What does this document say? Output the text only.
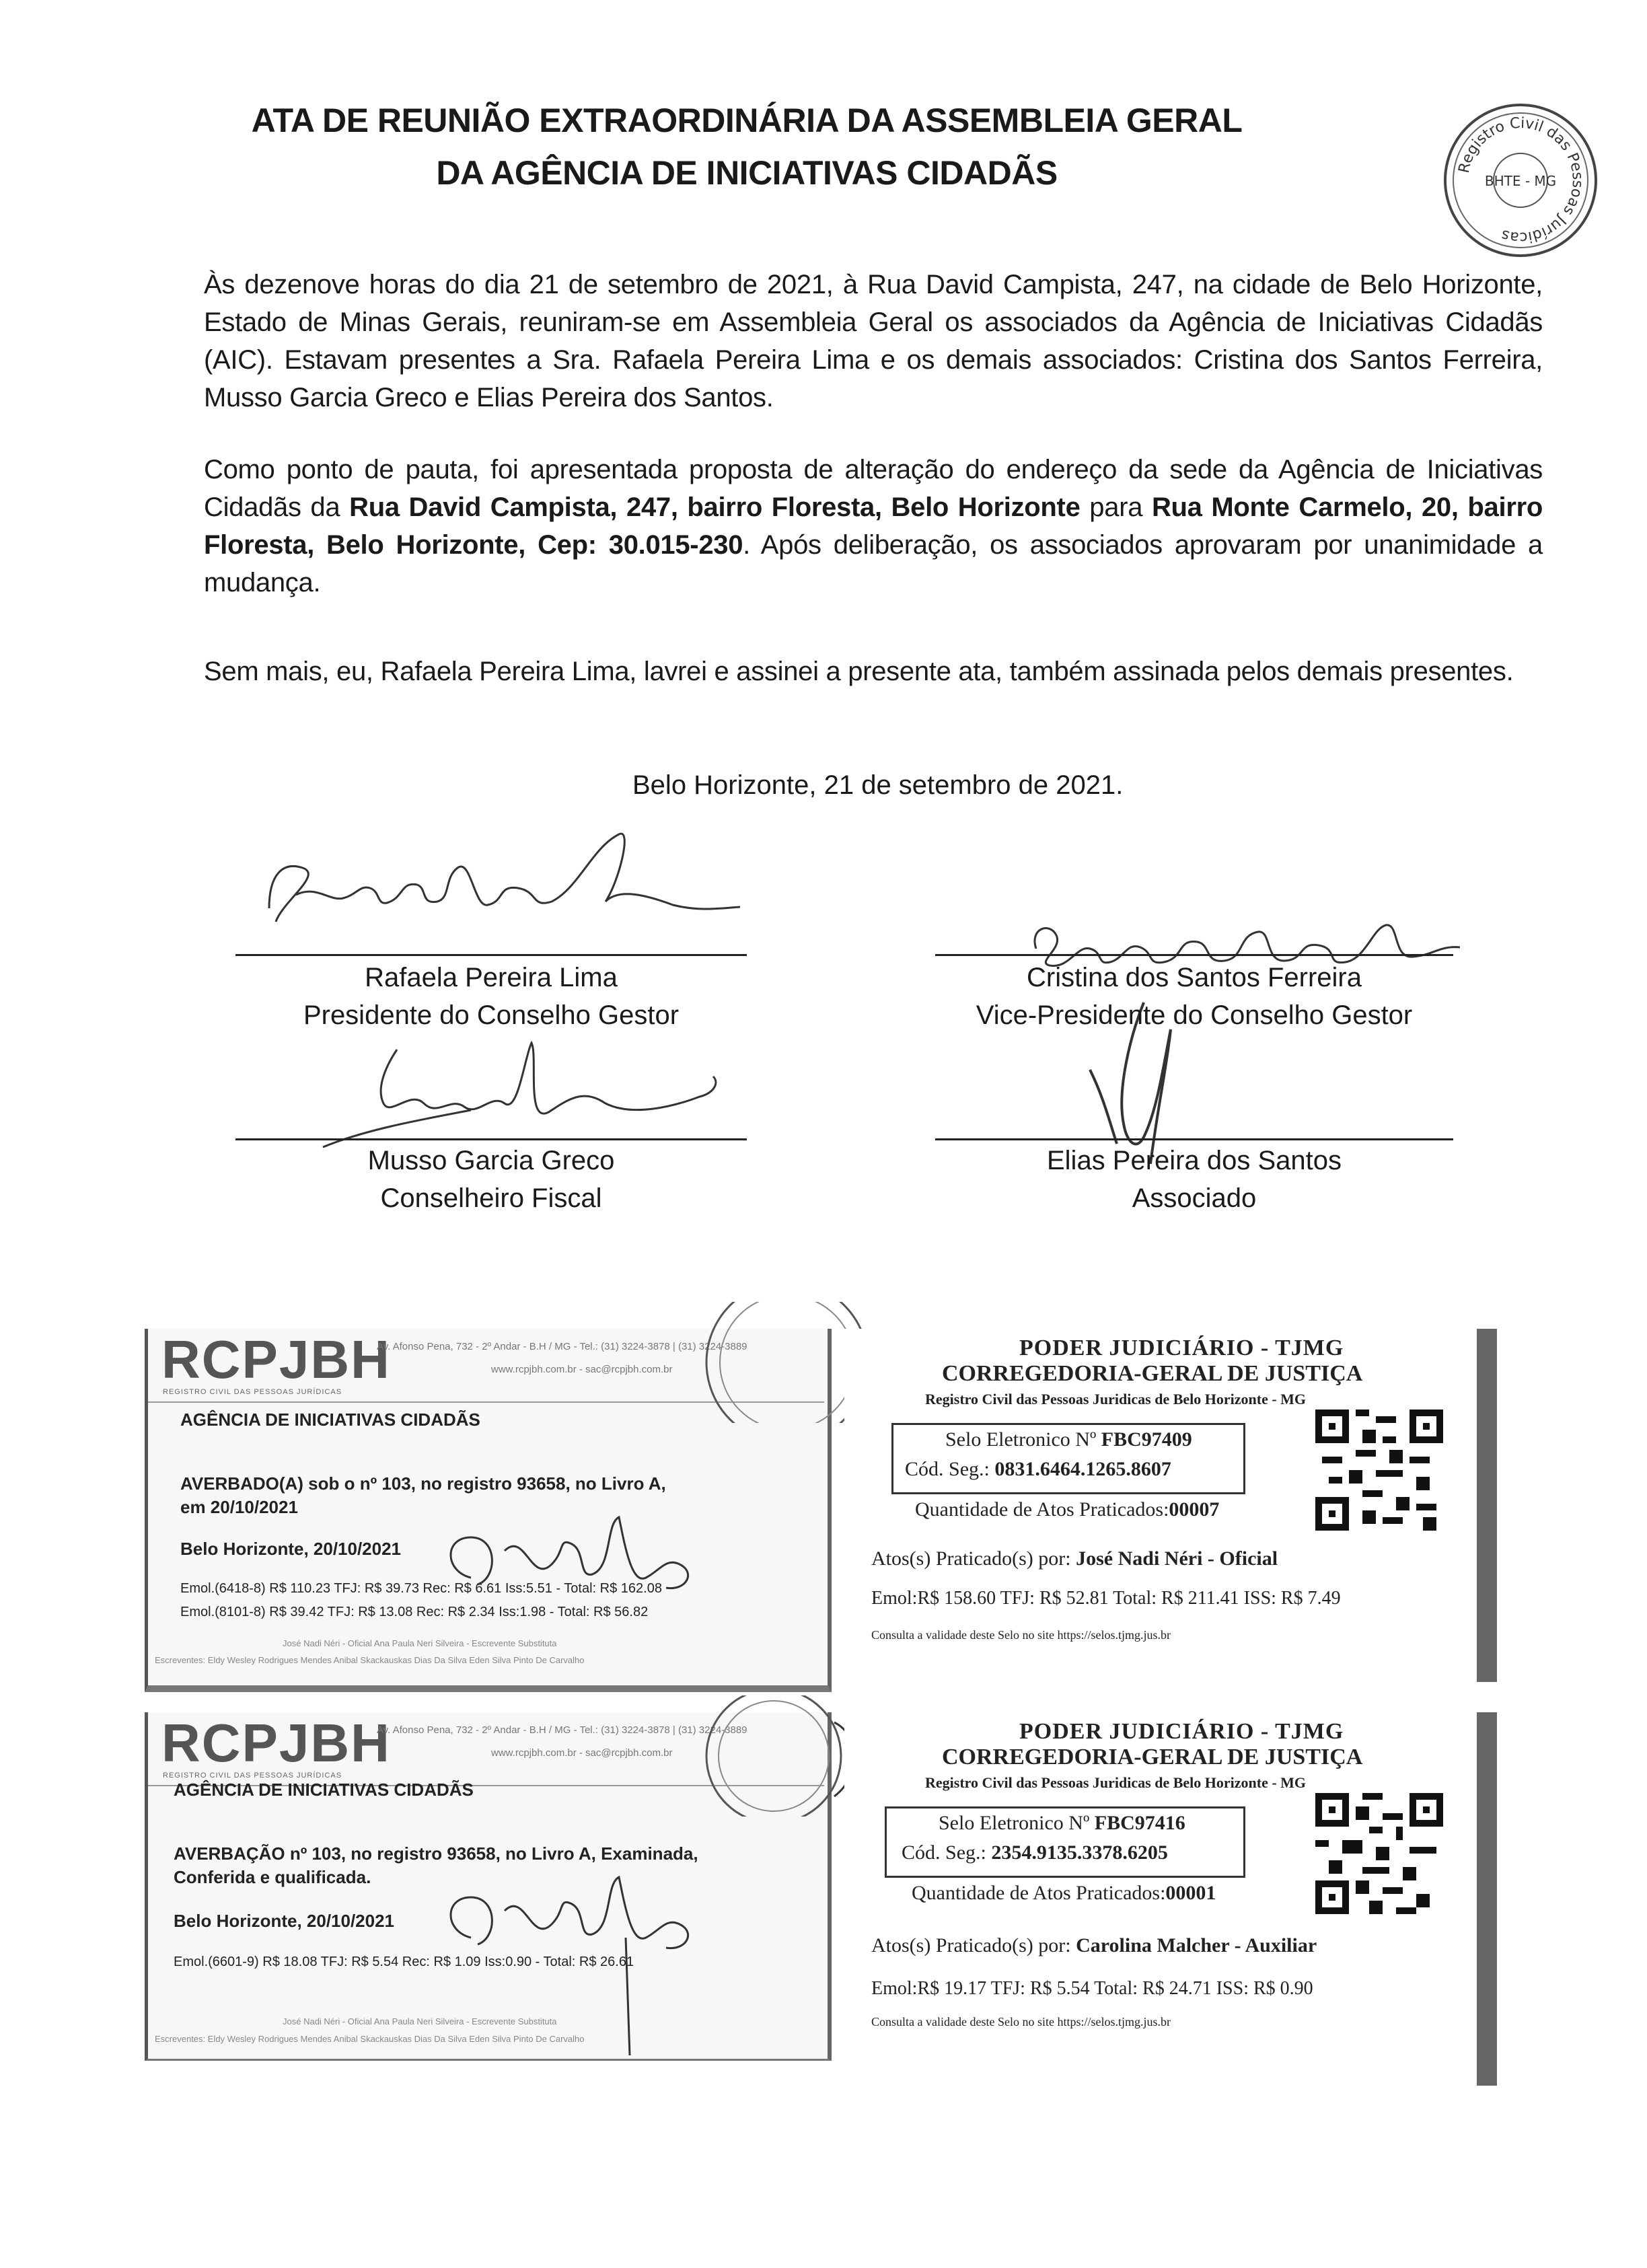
ATA DE REUNIÃO EXTRAORDINÁRIA DA ASSEMBLEIA GERAL
DA AGÊNCIA DE INICIATIVAS CIDADÃS	Registro Civil das Pessoas Jurídicas
BHTE - MG
Às dezenove horas do dia 21 de setembro de 2021, à Rua David Campista, 247, na cidade de Belo Horizonte, Estado de Minas Gerais, reuniram-se em Assembleia Geral os associados da Agência de Iniciativas Cidadãs (AIC). Estavam presentes a Sra. Rafaela Pereira Lima e os demais associados: Cristina dos Santos Ferreira, Musso Garcia Greco e Elias Pereira dos Santos.
Como ponto de pauta, foi apresentada proposta de alteração do endereço da sede da Agência de Iniciativas Cidadãs da Rua David Campista, 247, bairro Floresta, Belo Horizonte para Rua Monte Carmelo, 20, bairro Floresta, Belo Horizonte, Cep: 30.015-230. Após deliberação, os associados aprovaram por unanimidade a mudança.
Sem mais, eu, Rafaela Pereira Lima, lavrei e assinei a presente ata, também assinada pelos demais presentes.
Belo Horizonte, 21 de setembro de 2021.
Rafaela Pereira Lima
Presidente do Conselho Gestor
Cristina dos Santos Ferreira
Vice-Presidente do Conselho Gestor
Musso Garcia Greco
Conselheiro Fiscal
Elias Pereira dos Santos
Associado
RCPJBH
REGISTRO CIVIL DAS PESSOAS JURÍDICAS
Av. Afonso Pena, 732 - 2º Andar - B.H / MG - Tel.: (31) 3224-3878 | (31) 3224-3889
www.rcpjbh.com.br - sac@rcpjbh.com.br
AGÊNCIA DE INICIATIVAS CIDADÃS
AVERBADO(A) sob o nº 103, no registro 93658, no Livro A,
em 20/10/2021
Belo Horizonte, 20/10/2021
Emol.(6418-8) R$ 110.23 TFJ: R$ 39.73 Rec: R$ 6.61 Iss:5.51 - Total: R$ 162.08
Emol.(8101-8) R$ 39.42 TFJ: R$ 13.08 Rec: R$ 2.34 Iss:1.98 - Total: R$ 56.82
José Nadi Néri - Oficial Ana Paula Neri Silveira - Escrevente Substituta
Escreventes: Eldy Wesley Rodrigues Mendes Anibal Skackauskas Dias Da Silva Eden Silva Pinto De Carvalho
PODER JUDICIÁRIO - TJMG
CORREGEDORIA-GERAL DE JUSTIÇA
Registro Civil das Pessoas Juridicas de Belo Horizonte - MG
Selo Eletronico Nº FBC97409
Cód. Seg.: 0831.6464.1265.8607
Quantidade de Atos Praticados:00007
Atos(s) Praticado(s) por: José Nadi Néri - Oficial
Emol:R$ 158.60 TFJ: R$ 52.81 Total: R$ 211.41 ISS: R$ 7.49
Consulta a validade deste Selo no site https://selos.tjmg.jus.br
RCPJBH
REGISTRO CIVIL DAS PESSOAS JURÍDICAS
Av. Afonso Pena, 732 - 2º Andar - B.H / MG - Tel.: (31) 3224-3878 | (31) 3224-3889
www.rcpjbh.com.br - sac@rcpjbh.com.br
AGÊNCIA DE INICIATIVAS CIDADÃS
AVERBAÇÃO nº 103, no registro 93658, no Livro A, Examinada,
Conferida e qualificada.
Belo Horizonte, 20/10/2021
Emol.(6601-9) R$ 18.08 TFJ: R$ 5.54 Rec: R$ 1.09 Iss:0.90 - Total: R$ 26.61
José Nadi Néri - Oficial Ana Paula Neri Silveira - Escrevente Substituta
Escreventes: Eldy Wesley Rodrigues Mendes Anibal Skackauskas Dias Da Silva Eden Silva Pinto De Carvalho
PODER JUDICIÁRIO - TJMG
CORREGEDORIA-GERAL DE JUSTIÇA
Registro Civil das Pessoas Juridicas de Belo Horizonte - MG
Selo Eletronico Nº FBC97416
Cód. Seg.: 2354.9135.3378.6205
Quantidade de Atos Praticados:00001
Atos(s) Praticado(s) por: Carolina Malcher - Auxiliar
Emol:R$ 19.17 TFJ: R$ 5.54 Total: R$ 24.71 ISS: R$ 0.90
Consulta a validade deste Selo no site https://selos.tjmg.jus.br
